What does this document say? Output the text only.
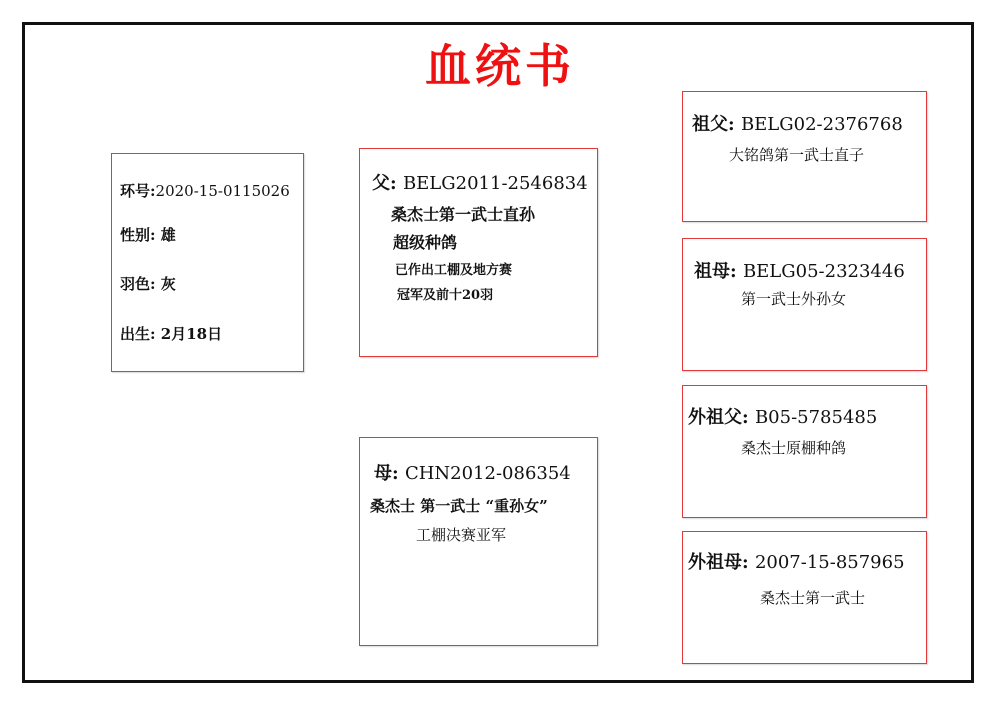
血统书
环号:2020-15-0115026
性别: 雄
羽色: 灰
出生: 2月18日
父: BELG2011-2546834
桑杰士第一武士直孙
超级种鸽
已作出工棚及地方赛
冠军及前十20羽
母: CHN2012-086354
桑杰士 第一武士 “重孙女”
工棚决赛亚军
祖父: BELG02-2376768
大铭鸽第一武士直子
祖母: BELG05-2323446
第一武士外孙女
外祖父: B05-5785485
桑杰士原棚种鸽
外祖母: 2007-15-857965
桑杰士第一武士
